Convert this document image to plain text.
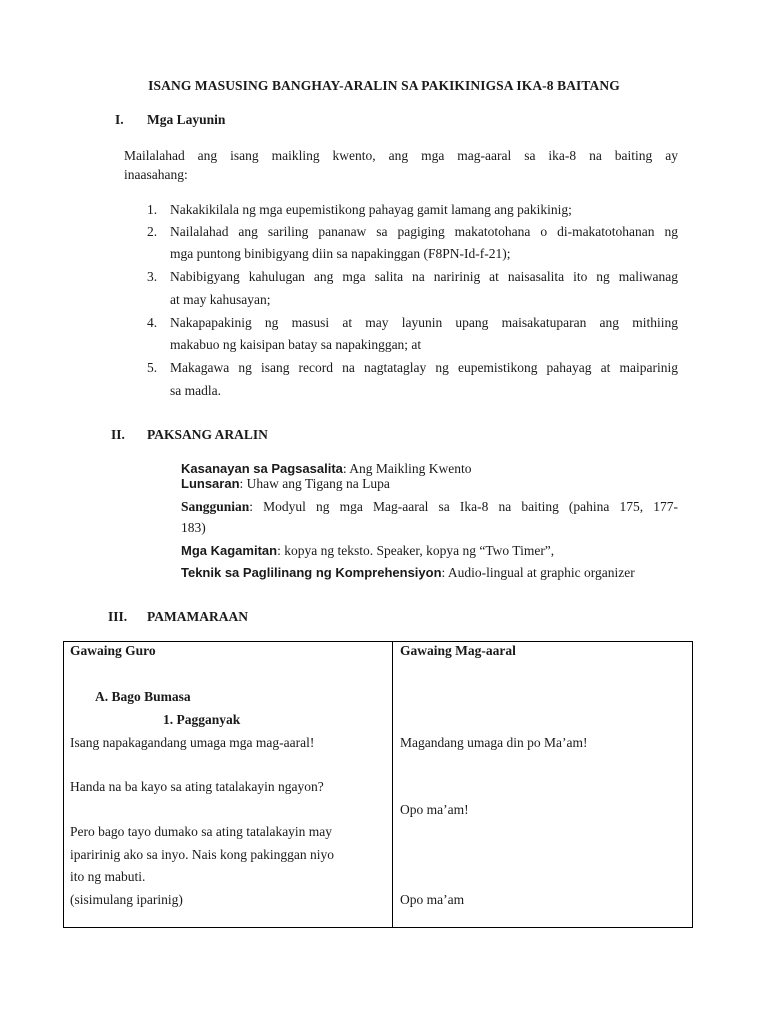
ISANG MASUSING BANGHAY-ARALIN SA PAKIKINIGSA IKA-8 BAITANG
I. Mga Layunin
Mailalahad ang isang maikling kwento, ang mga mag-aaral sa ika-8 na baiting ay
inaasahang:
1. Nakakikilala ng mga eupemistikong pahayag gamit lamang ang pakikinig;
2. Nailalahad ang sariling pananaw sa pagiging makatotohana o di-makatotohanan ng
mga puntong binibigyang diin sa napakinggan (F8PN-Id-f-21);
3. Nabibigyang kahulugan ang mga salita na naririnig at naisasalita ito ng maliwanag
at may kahusayan;
4. Nakapapakinig ng masusi at may layunin upang maisakatuparan ang mithiing
makabuo ng kaisipan batay sa napakinggan; at
5. Makagawa ng isang record na nagtataglay ng eupemistikong pahayag at maiparinig
sa madla.
II. PAKSANG ARALIN
Kasanayan sa Pagsasalita: Ang Maikling Kwento
Lunsaran: Uhaw ang Tigang na Lupa
Sanggunian: Modyul ng mga Mag-aaral sa Ika-8 na baiting (pahina 175, 177-
183)
Mga Kagamitan: kopya ng teksto. Speaker, kopya ng “Two Timer”,
Teknik sa Paglilinang ng Komprehensiyon: Audio-lingual at graphic organizer
III. PAMAMARAAN
Gawaing Guro	Gawaing Mag-aaral
A. Bago Bumasa
1. Pagganyak
Isang napakagandang umaga mga mag-aaral!
Handa na ba kayo sa ating tatalakayin ngayon?
Pero bago tayo dumako sa ating tatalakayin may
iparirinig ako sa inyo. Nais kong pakinggan niyo
ito ng mabuti.
(sisimulang iparinig)
Magandang umaga din po Ma’am!
Opo ma’am!
Opo ma’am
